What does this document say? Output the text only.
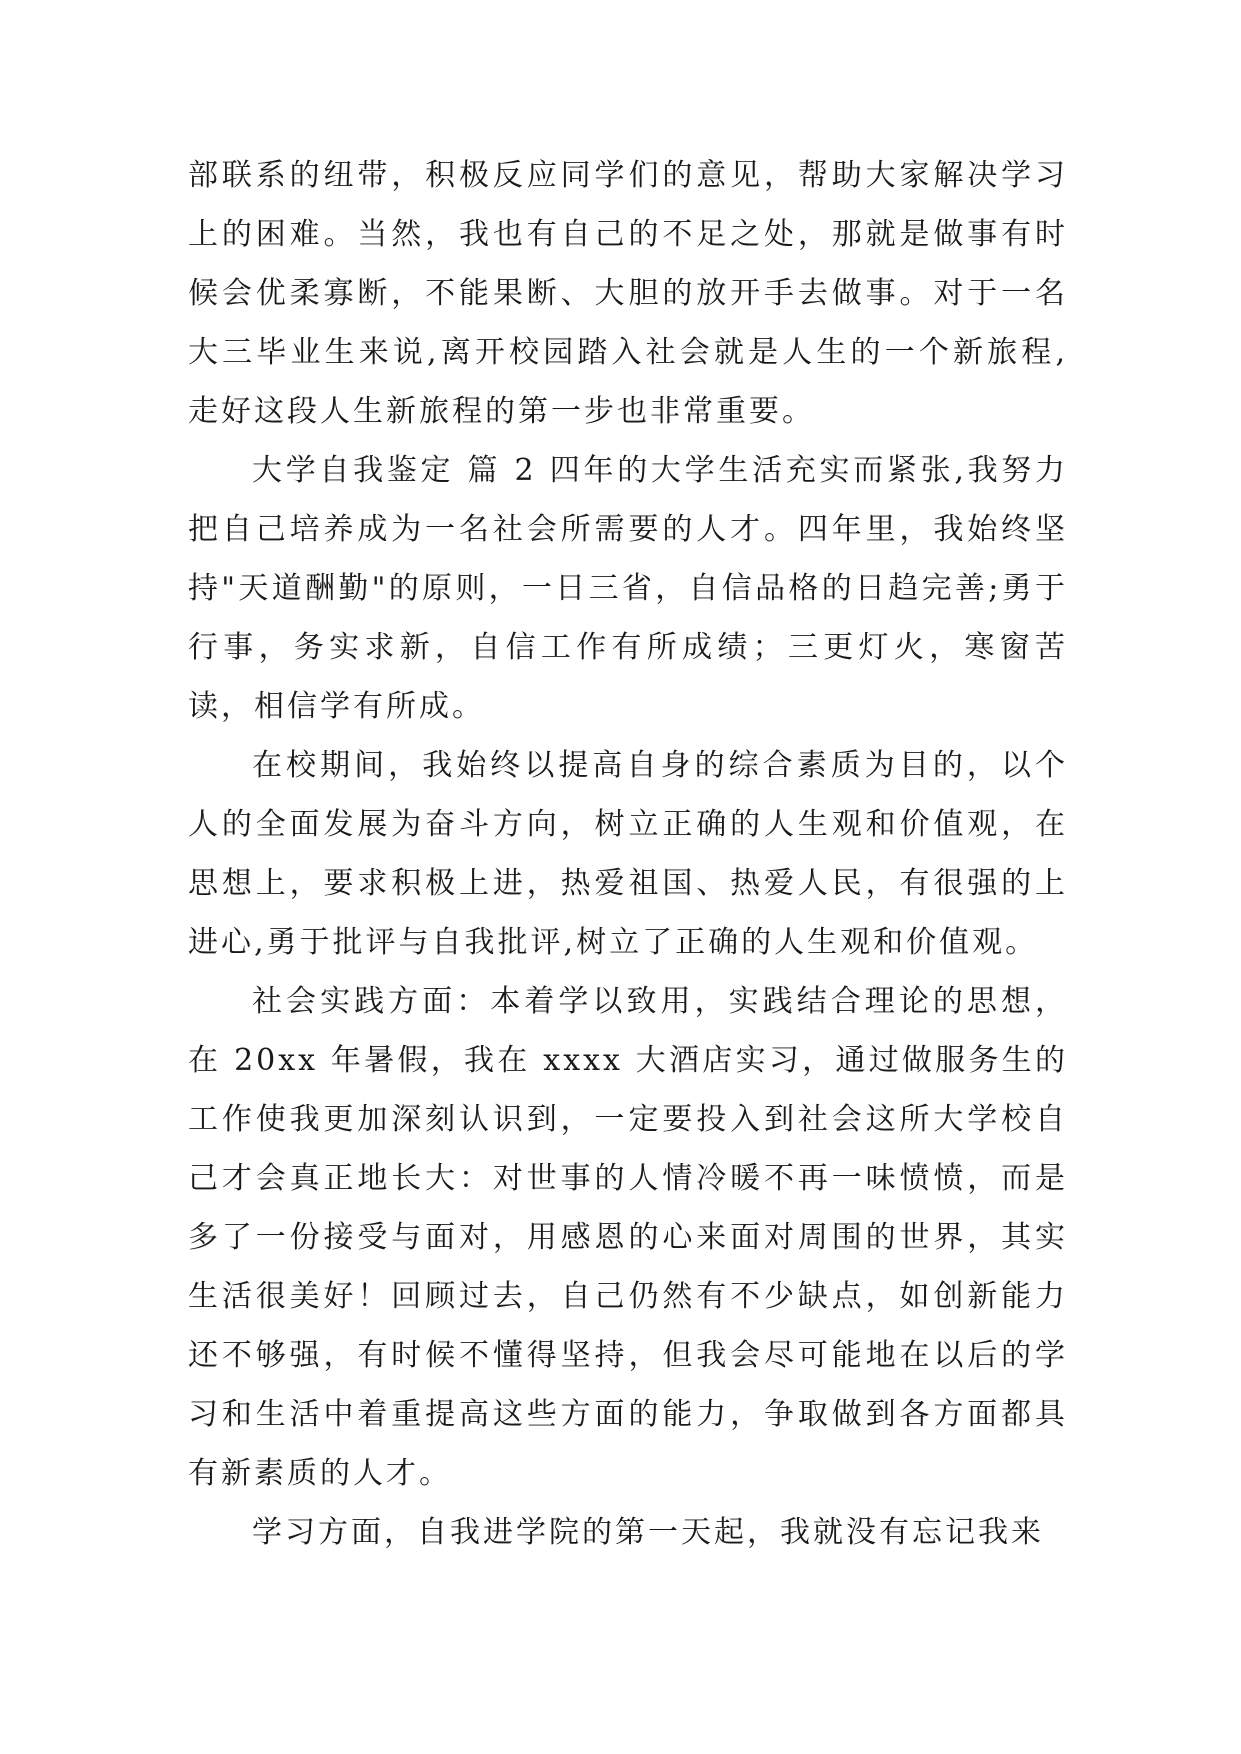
部联系的纽带，积极反应同学们的意见，帮助大家解决学习上的困难。当然，我也有自己的不足之处，那就是做事有时候会优柔寡断，不能果断、大胆的放开手去做事。对于一名大三毕业生来说,离开校园踏入社会就是人生的一个新旅程,走好这段人生新旅程的第一步也非常重要。

大学自我鉴定 篇 2 四年的大学生活充实而紧张,我努力把自己培养成为一名社会所需要的人才。四年里，我始终坚持"天道酬勤"的原则，一日三省，自信品格的日趋完善;勇于行事，务实求新，自信工作有所成绩；三更灯火，寒窗苦读，相信学有所成。

在校期间，我始终以提高自身的综合素质为目的，以个人的全面发展为奋斗方向，树立正确的人生观和价值观，在思想上，要求积极上进，热爱祖国、热爱人民，有很强的上进心,勇于批评与自我批评,树立了正确的人生观和价值观。

社会实践方面：本着学以致用，实践结合理论的思想，在 20xx 年暑假，我在 xxxx 大酒店实习，通过做服务生的工作使我更加深刻认识到，一定要投入到社会这所大学校自己才会真正地长大：对世事的人情冷暖不再一味愤愤，而是多了一份接受与面对，用感恩的心来面对周围的世界，其实生活很美好！回顾过去，自己仍然有不少缺点，如创新能力还不够强，有时候不懂得坚持，但我会尽可能地在以后的学习和生活中着重提高这些方面的能力，争取做到各方面都具有新素质的人才。

学习方面，自我进学院的第一天起，我就没有忘记我来
